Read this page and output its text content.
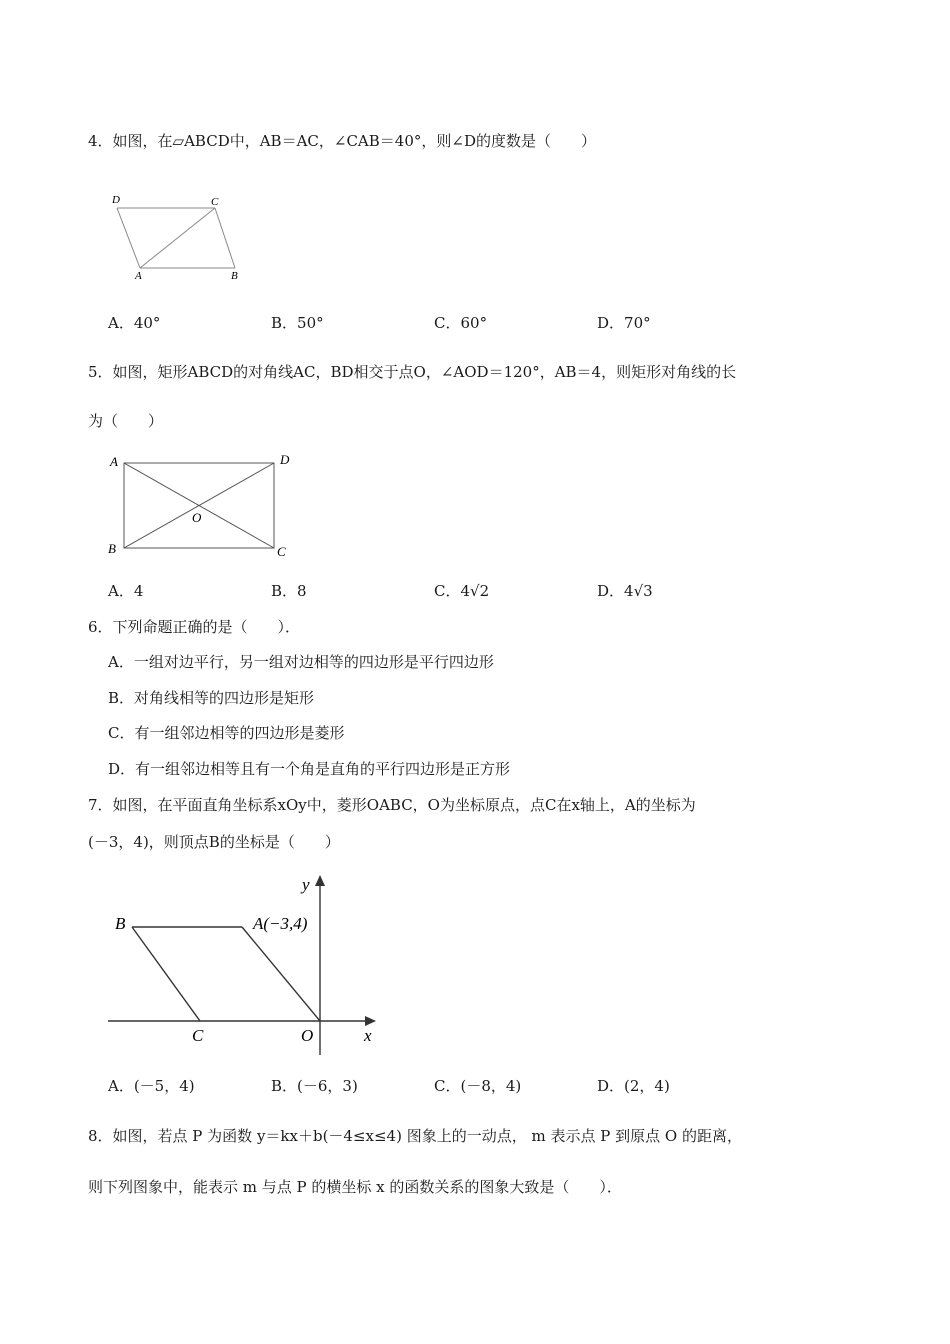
4．如图，在▱ABCD中，AB＝AC，∠CAB＝40°，则∠D的度数是（　　）
D	C
A	B
A．40°	B．50°	C．60°	D．70°
5．如图，矩形ABCD的对角线AC，BD相交于点O，∠AOD＝120°，AB＝4，则矩形对角线的长
为（　　）
A	D
O
B	C
A．4	B．8	C．4√2	D．4√3
6．下列命题正确的是（　　）．
A．一组对边平行，另一组对边相等的四边形是平行四边形
B．对角线相等的四边形是矩形
C．有一组邻边相等的四边形是菱形
D．有一组邻边相等且有一个角是直角的平行四边形是正方形
7．如图，在平面直角坐标系xOy中，菱形OABC，O为坐标原点，点C在x轴上，A的坐标为
(－3，4)，则顶点B的坐标是（　　）
y
B	A(−3,4)
C	O	x
A．(－5，4)	B．(－6，3)	C．(－8，4)	D．(2，4)
8．如图，若点 P 为函数 y＝kx＋b(－4≤x≤4) 图象上的一动点， m 表示点 P 到原点 O 的距离，
则下列图象中，能表示 m 与点 P 的横坐标 x 的函数关系的图象大致是（　　）．
